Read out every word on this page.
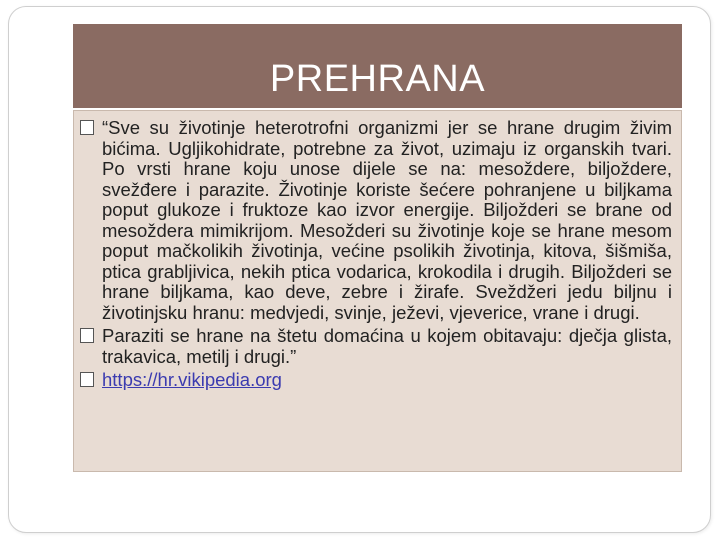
PREHRANA

“Sve su životinje heterotrofni organizmi jer se hrane drugim živim bićima. Ugljikohidrate, potrebne za život, uzimaju iz organskih tvari. Po vrsti hrane koju unose dijele se na: mesoždere, biljoždere, svežđere i parazite. Životinje koriste šećere pohranjene u biljkama poput glukoze i fruktoze kao izvor energije. Biljožderi se brane od mesoždera mimikrijom. Mesožderi su životinje koje se hrane mesom poput mačkolikih životinja, većine psolikih životinja, kitova, šišmiša, ptica grabljivica, nekih ptica vodarica, krokodila i drugih. Biljožderi se hrane biljkama, kao deve, zebre i žirafe. Sveždžeri jedu biljnu i životinjsku hranu: medvjedi, svinje, ježevi, vjeverice, vrane i drugi.

Paraziti se hrane na štetu domaćina u kojem obitavaju: dječja glista, trakavica, metilj i drugi.”

https://hr.vikipedia.org
